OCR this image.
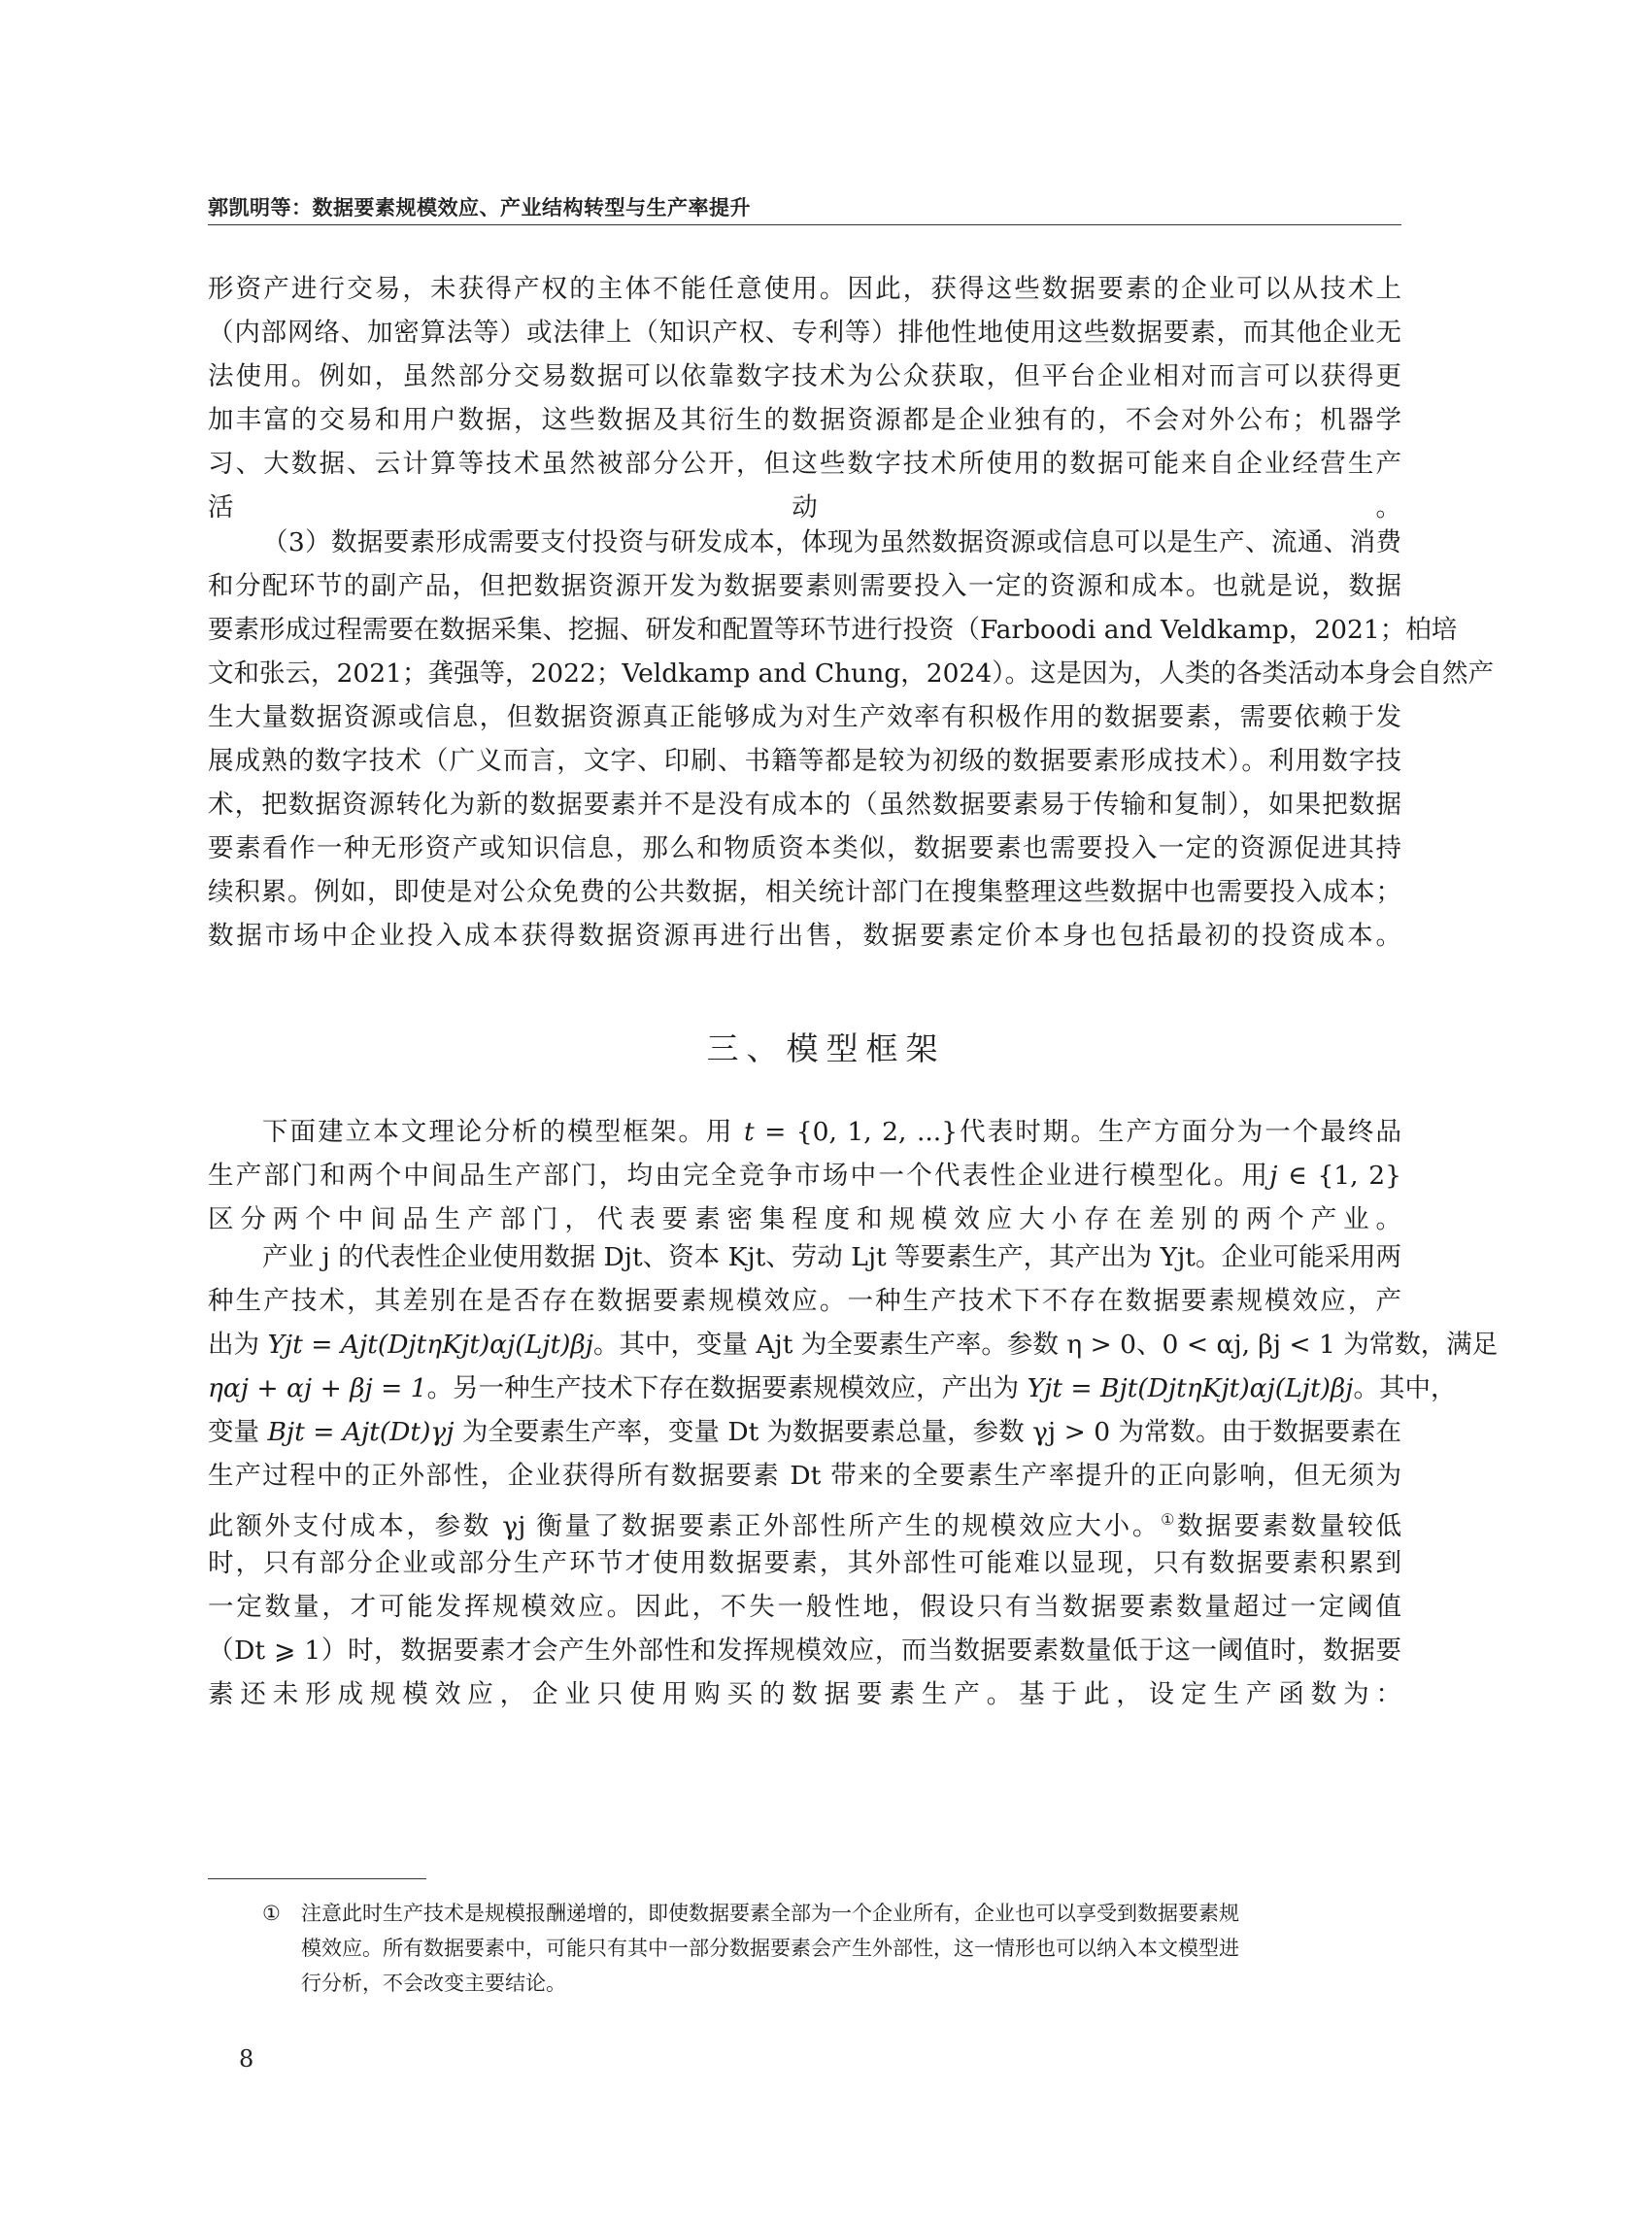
郭凯明等：数据要素规模效应、产业结构转型与生产率提升
形资产进行交易，未获得产权的主体不能任意使用。因此，获得这些数据要素的企业可以从技术上
（内部网络、加密算法等）或法律上（知识产权、专利等）排他性地使用这些数据要素，而其他企业无
法使用。例如，虽然部分交易数据可以依靠数字技术为公众获取，但平台企业相对而言可以获得更
加丰富的交易和用户数据，这些数据及其衍生的数据资源都是企业独有的，不会对外公布；机器学
习、大数据、云计算等技术虽然被部分公开，但这些数字技术所使用的数据可能来自企业经营生产
活动。
（3）数据要素形成需要支付投资与研发成本，体现为虽然数据资源或信息可以是生产、流通、消费
和分配环节的副产品，但把数据资源开发为数据要素则需要投入一定的资源和成本。也就是说，数据
要素形成过程需要在数据采集、挖掘、研发和配置等环节进行投资（Farboodi and Veldkamp，2021；柏培
文和张云，2021；龚强等，2022；Veldkamp and Chung，2024）。这是因为，人类的各类活动本身会自然产
生大量数据资源或信息，但数据资源真正能够成为对生产效率有积极作用的数据要素，需要依赖于发
展成熟的数字技术（广义而言，文字、印刷、书籍等都是较为初级的数据要素形成技术）。利用数字技
术，把数据资源转化为新的数据要素并不是没有成本的（虽然数据要素易于传输和复制），如果把数据
要素看作一种无形资产或知识信息，那么和物质资本类似，数据要素也需要投入一定的资源促进其持
续积累。例如，即使是对公众免费的公共数据，相关统计部门在搜集整理这些数据中也需要投入成本；
数据市场中企业投入成本获得数据资源再进行出售，数据要素定价本身也包括最初的投资成本。
三、模型框架
下面建立本文理论分析的模型框架。用 t = {0, 1, 2, ...}代表时期。生产方面分为一个最终品
生产部门和两个中间品生产部门，均由完全竞争市场中一个代表性企业进行模型化。用j ∈ {1, 2}
区分两个中间品生产部门，代表要素密集程度和规模效应大小存在差别的两个产业。
产业 j 的代表性企业使用数据 Djt、资本 Kjt、劳动 Ljt 等要素生产，其产出为 Yjt。企业可能采用两
种生产技术，其差别在是否存在数据要素规模效应。一种生产技术下不存在数据要素规模效应，产
出为 Yjt = Ajt(DjtηKjt)αj(Ljt)βj。其中，变量 Ajt 为全要素生产率。参数 η > 0、0 < αj, βj < 1 为常数，满足
ηαj + αj + βj = 1。另一种生产技术下存在数据要素规模效应，产出为 Yjt = Bjt(DjtηKjt)αj(Ljt)βj。其中，
变量 Bjt = Ajt(Dt)γj 为全要素生产率，变量 Dt 为数据要素总量，参数 γj > 0 为常数。由于数据要素在
生产过程中的正外部性，企业获得所有数据要素 Dt 带来的全要素生产率提升的正向影响，但无须为
此额外支付成本，参数 γj 衡量了数据要素正外部性所产生的规模效应大小。①数据要素数量较低
时，只有部分企业或部分生产环节才使用数据要素，其外部性可能难以显现，只有数据要素积累到
一定数量，才可能发挥规模效应。因此，不失一般性地，假设只有当数据要素数量超过一定阈值
（Dt ⩾ 1）时，数据要素才会产生外部性和发挥规模效应，而当数据要素数量低于这一阈值时，数据要
素还未形成规模效应，企业只使用购买的数据要素生产。基于此，设定生产函数为：
① 注意此时生产技术是规模报酬递增的，即使数据要素全部为一个企业所有，企业也可以享受到数据要素规
模效应。所有数据要素中，可能只有其中一部分数据要素会产生外部性，这一情形也可以纳入本文模型进
行分析，不会改变主要结论。
8
